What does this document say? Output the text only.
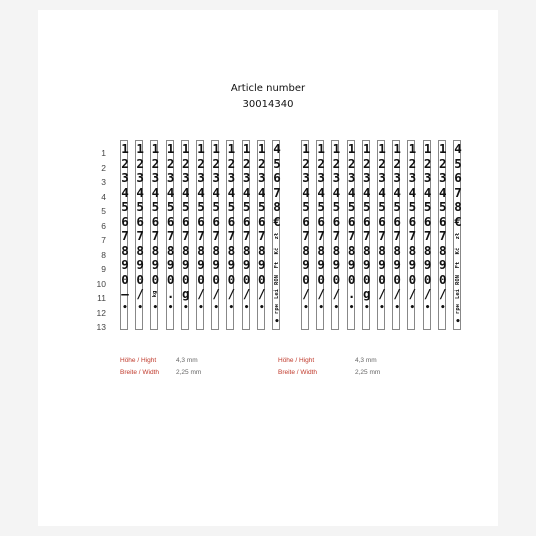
Article number
30014340
1
2
3
4
5
6
7
8
9
10
11
12
13
1
2
3
4
5
6
7
8
9
0
–
•
1
2
3
4
5
6
7
8
9
0
/
•
1
2
3
4
5
6
7
8
9
0
kg
•
1
2
3
4
5
6
7
8
9
0
.
•
1
2
3
4
5
6
7
8
9
0
g
•
1
2
3
4
5
6
7
8
9
0
/
•
1
2
3
4
5
6
7
8
9
0
/
•
1
2
3
4
5
6
7
8
9
0
/
•
1
2
3
4
5
6
7
8
9
0
/
•
1
2
3
4
5
6
7
8
9
0
/
•
4
5
6
7
8
€
zł
Kč
Ft
RON
Lei
грн
•
1
2
3
4
5
6
7
8
9
0
/
•
1
2
3
4
5
6
7
8
9
0
/
•
1
2
3
4
5
6
7
8
9
0
/
•
1
2
3
4
5
6
7
8
9
0
.
•
1
2
3
4
5
6
7
8
9
0
g
•
1
2
3
4
5
6
7
8
9
0
/
•
1
2
3
4
5
6
7
8
9
0
/
•
1
2
3
4
5
6
7
8
9
0
/
•
1
2
3
4
5
6
7
8
9
0
/
•
1
2
3
4
5
6
7
8
9
0
/
•
4
5
6
7
8
€
zł
Kč
Ft
RON
Lei
грн
•
Höhe / Hight	4,3 mm
Breite / Width	2,25 mm
Höhe / Hight	4,3 mm
Breite / Width	2,25 mm
